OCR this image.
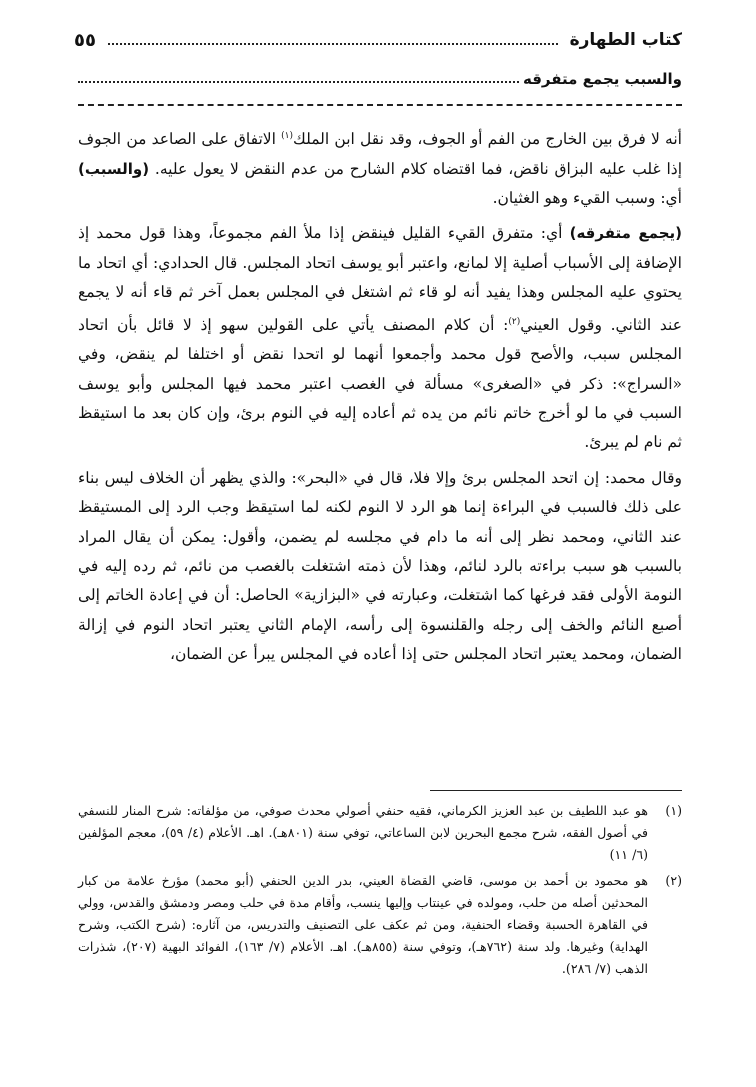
كتاب الطهارة
٥٥
والسبب يجمع متفرقه

أنه لا فرق بين الخارج من الفم أو الجوف، وقد نقل ابن الملك$^{(١)}$ الاتفاق على الصاعد من الجوف إذا غلب عليه البزاق ناقض، فما اقتضاه كلام الشارح من عدم النقض لا يعول عليه. (والسبب) أي: وسبب القيء وهو الغثيان.

(يجمع متفرقه) أي: متفرق القيء القليل فينقض إذا ملأ الفم مجموعاً، وهذا قول محمد إذ الإضافة إلى الأسباب أصلية إلا لمانع، واعتبر أبو يوسف اتحاد المجلس. قال الحدادي: أي اتحاد ما يحتوي عليه المجلس وهذا يفيد أنه لو قاء ثم اشتغل في المجلس بعمل آخر ثم قاء أنه لا يجمع عند الثاني. وقول العيني$^{(٢)}$: أن كلام المصنف يأتي على القولين سهو إذ لا قائل بأن اتحاد المجلس سبب، والأصح قول محمد وأجمعوا أنهما لو اتحدا نقض أو اختلفا لم ينقض، وفي «السراج»: ذكر في «الصغرى» مسألة في الغصب اعتبر محمد فيها المجلس وأبو يوسف السبب في ما لو أخرج خاتم نائم من يده ثم أعاده إليه في النوم برئ، وإن كان بعد ما استيقظ ثم نام لم يبرئ.

وقال محمد: إن اتحد المجلس برئ وإلا فلا، قال في «البحر»: والذي يظهر أن الخلاف ليس بناء على ذلك فالسبب في البراءة إنما هو الرد لا النوم لكنه لما استيقظ وجب الرد إلى المستيقظ عند الثاني، ومحمد نظر إلى أنه ما دام في مجلسه لم يضمن، وأقول: يمكن أن يقال المراد بالسبب هو سبب براءته بالرد لنائم، وهذا لأن ذمته اشتغلت بالغصب من نائم، ثم رده إليه في النومة الأولى فقد فرغها كما اشتغلت، وعبارته في «البزازية» الحاصل: أن في إعادة الخاتم إلى أصبع النائم والخف إلى رجله والقلنسوة إلى رأسه، الإمام الثاني يعتبر اتحاد النوم في إزالة الضمان، ومحمد يعتبر اتحاد المجلس حتى إذا أعاده في المجلس يبرأ عن الضمان،

(١)
هو عبد اللطيف بن عبد العزيز الكرماني، فقيه حنفي أصولي محدث صوفي، من مؤلفاته: شرح المنار للنسفي في أصول الفقه، شرح مجمع البحرين لابن الساعاتي، توفي سنة (٨٠١هـ). اهـ. الأعلام (٤/ ٥٩)، معجم المؤلفين (٦/ ١١)
(٢)
هو محمود بن أحمد بن موسى، قاضي القضاة العيني، بدر الدين الحنفي (أبو محمد) مؤرخ علامة من كبار المحدثين أصله من حلب، ومولده في عينتاب وإليها ينسب، وأقام مدة في حلب ومصر ودمشق والقدس، وولي في القاهرة الحسبة وقضاء الحنفية، ومن ثم عكف على التصنيف والتدريس، من آثاره: (شرح الكتب، وشرح الهداية) وغيرها. ولد سنة (٧٦٢هـ)، وتوفي سنة (٨٥٥هـ). اهـ. الأعلام (٧/ ١٦٣)، الفوائد البهية (٢٠٧)، شذرات الذهب (٧/ ٢٨٦).
